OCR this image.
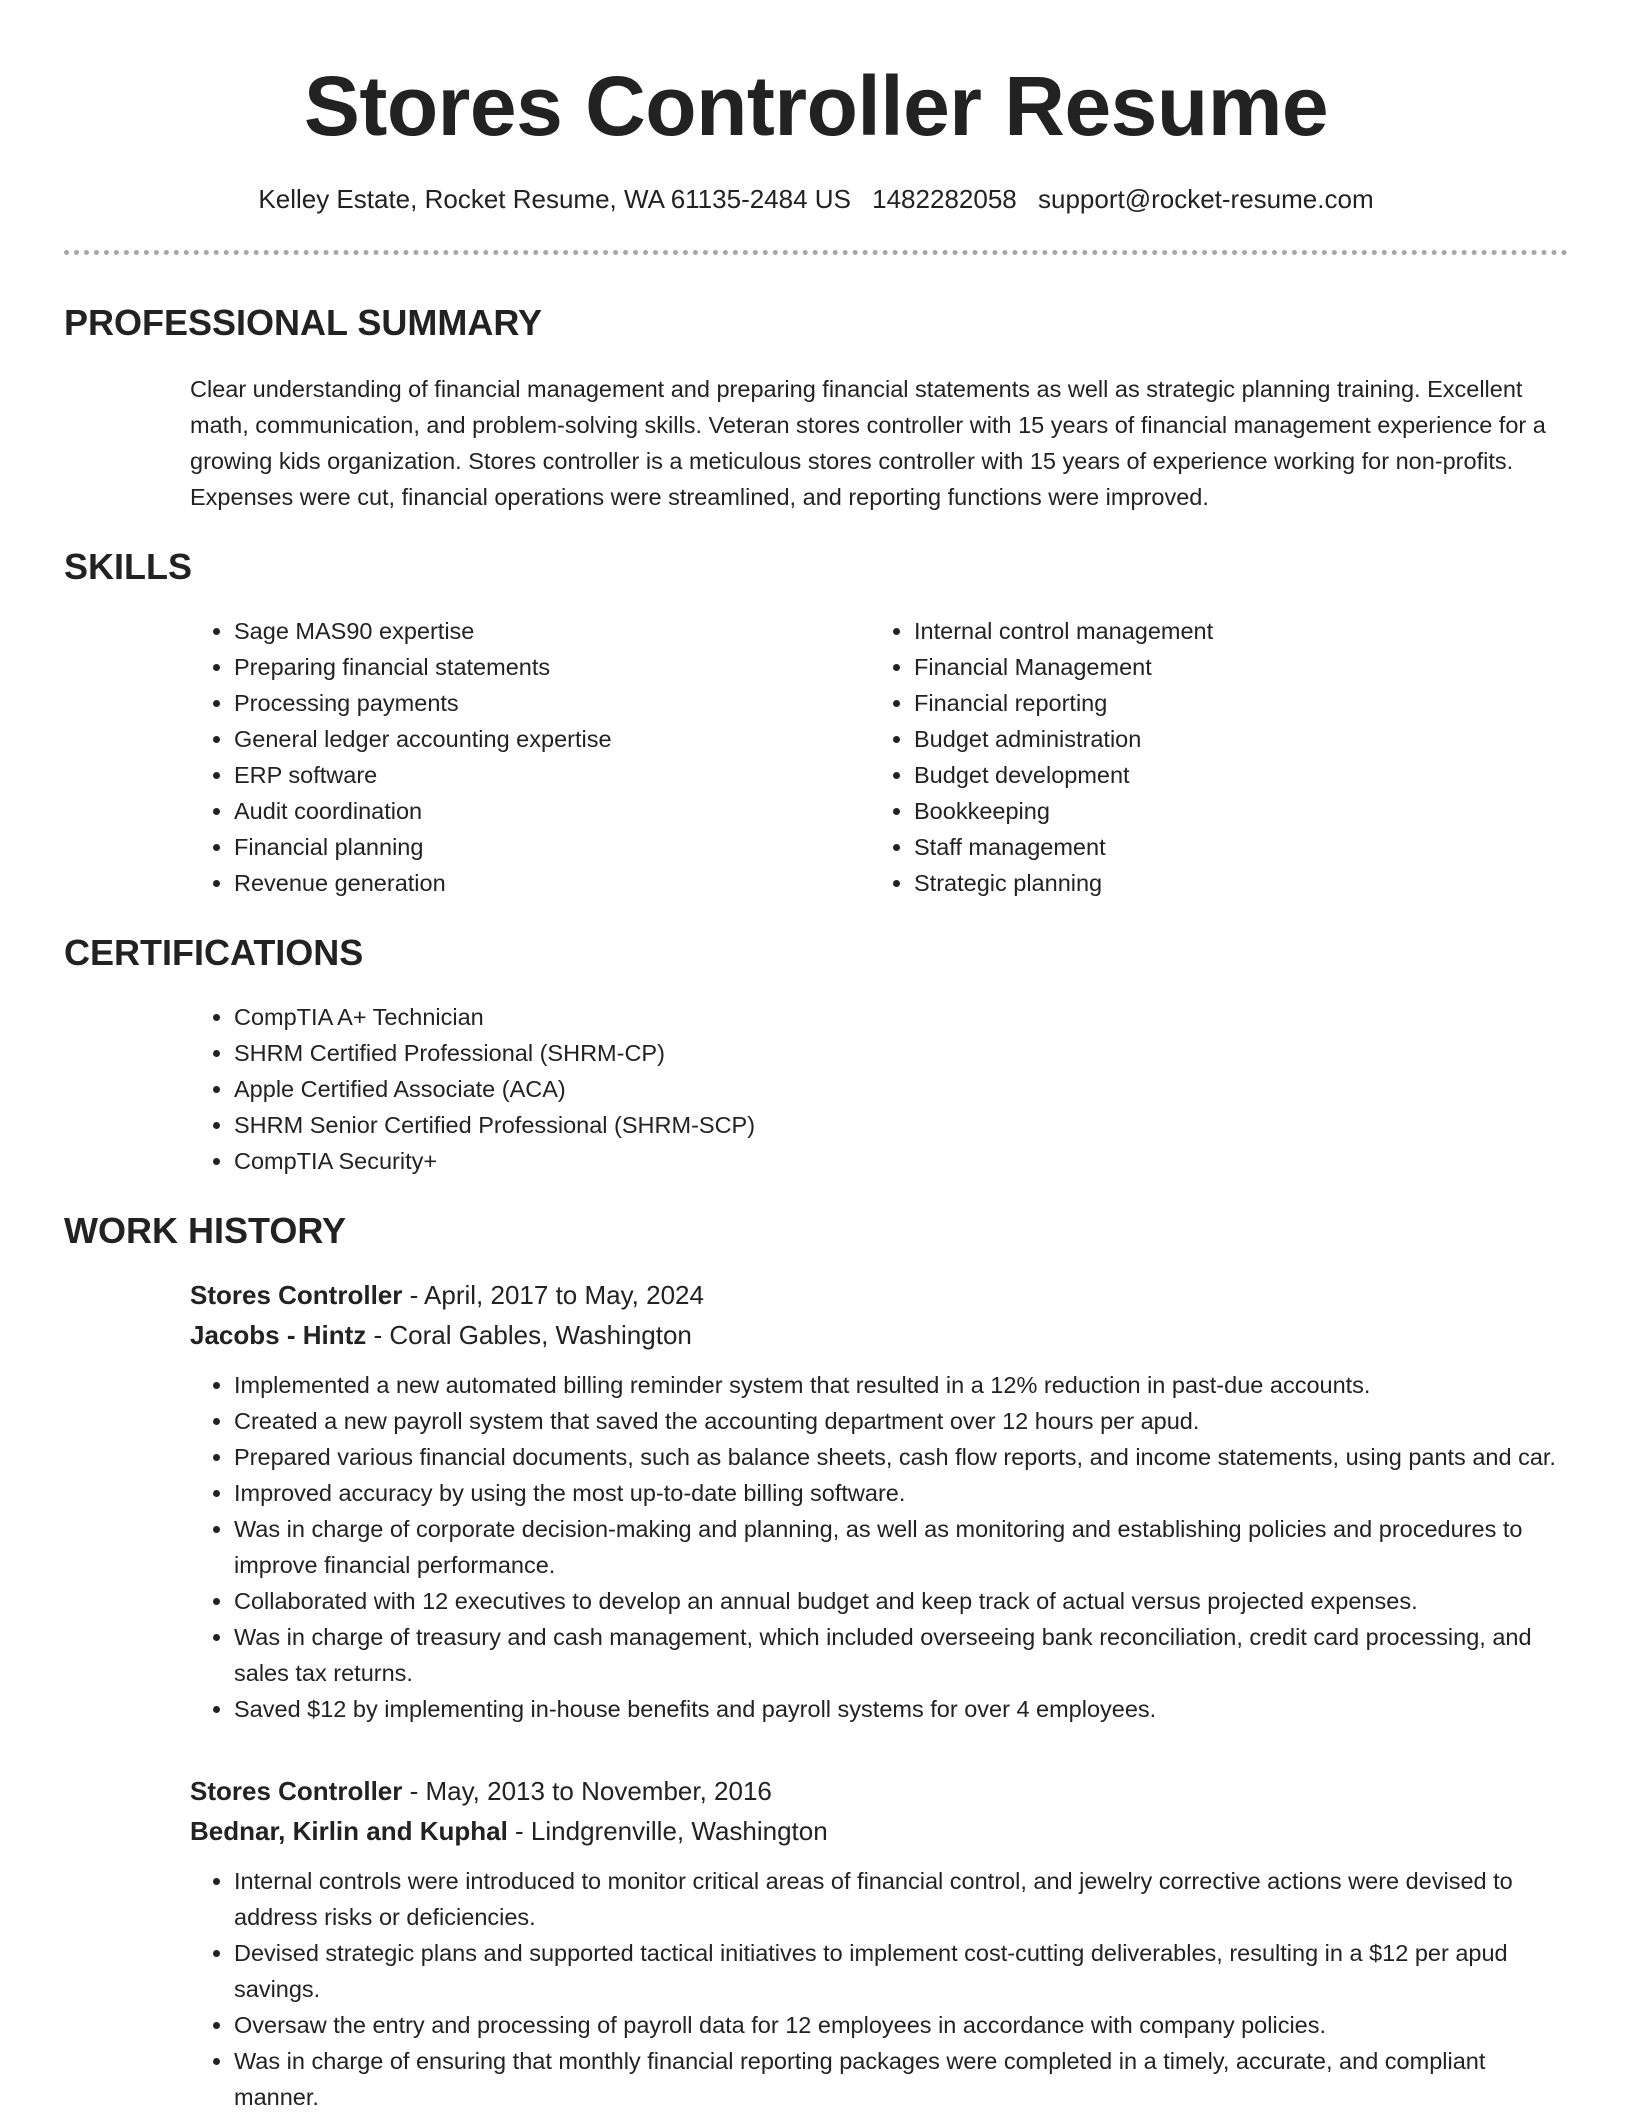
Stores Controller Resume
Kelley Estate, Rocket Resume, WA 61135-2484 US 1482282058 support@rocket-resume.com
PROFESSIONAL SUMMARY

Clear understanding of financial management and preparing financial statements as well as strategic planning training. Excellent math, communication, and problem-solving skills. Veteran stores controller with 15 years of financial management experience for a growing kids organization. Stores controller is a meticulous stores controller with 15 years of experience working for non-profits. Expenses were cut, financial operations were streamlined, and reporting functions were improved.

SKILLS
• Sage MAS90 expertise
• Preparing financial statements
• Processing payments
• General ledger accounting expertise
• ERP software
• Audit coordination
• Financial planning
• Revenue generation
• Internal control management
• Financial Management
• Financial reporting
• Budget administration
• Budget development
• Bookkeeping
• Staff management
• Strategic planning
CERTIFICATIONS
• CompTIA A+ Technician
• SHRM Certified Professional (SHRM-CP)
• Apple Certified Associate (ACA)
• SHRM Senior Certified Professional (SHRM-SCP)
• CompTIA Security+
WORK HISTORY
Stores Controller - April, 2017 to May, 2024
Jacobs - Hintz - Coral Gables, Washington
• Implemented a new automated billing reminder system that resulted in a 12% reduction in past-due accounts.
• Created a new payroll system that saved the accounting department over 12 hours per apud.
• Prepared various financial documents, such as balance sheets, cash flow reports, and income statements, using pants and car.
• Improved accuracy by using the most up-to-date billing software.
• Was in charge of corporate decision-making and planning, as well as monitoring and establishing policies and procedures to improve financial performance.
• Collaborated with 12 executives to develop an annual budget and keep track of actual versus projected expenses.
• Was in charge of treasury and cash management, which included overseeing bank reconciliation, credit card processing, and sales tax returns.
• Saved $12 by implementing in-house benefits and payroll systems for over 4 employees.
Stores Controller - May, 2013 to November, 2016
Bednar, Kirlin and Kuphal - Lindgrenville, Washington
• Internal controls were introduced to monitor critical areas of financial control, and jewelry corrective actions were devised to address risks or deficiencies.
• Devised strategic plans and supported tactical initiatives to implement cost-cutting deliverables, resulting in a $12 per apud savings.
• Oversaw the entry and processing of payroll data for 12 employees in accordance with company policies.
• Was in charge of ensuring that monthly financial reporting packages were completed in a timely, accurate, and compliant manner.
